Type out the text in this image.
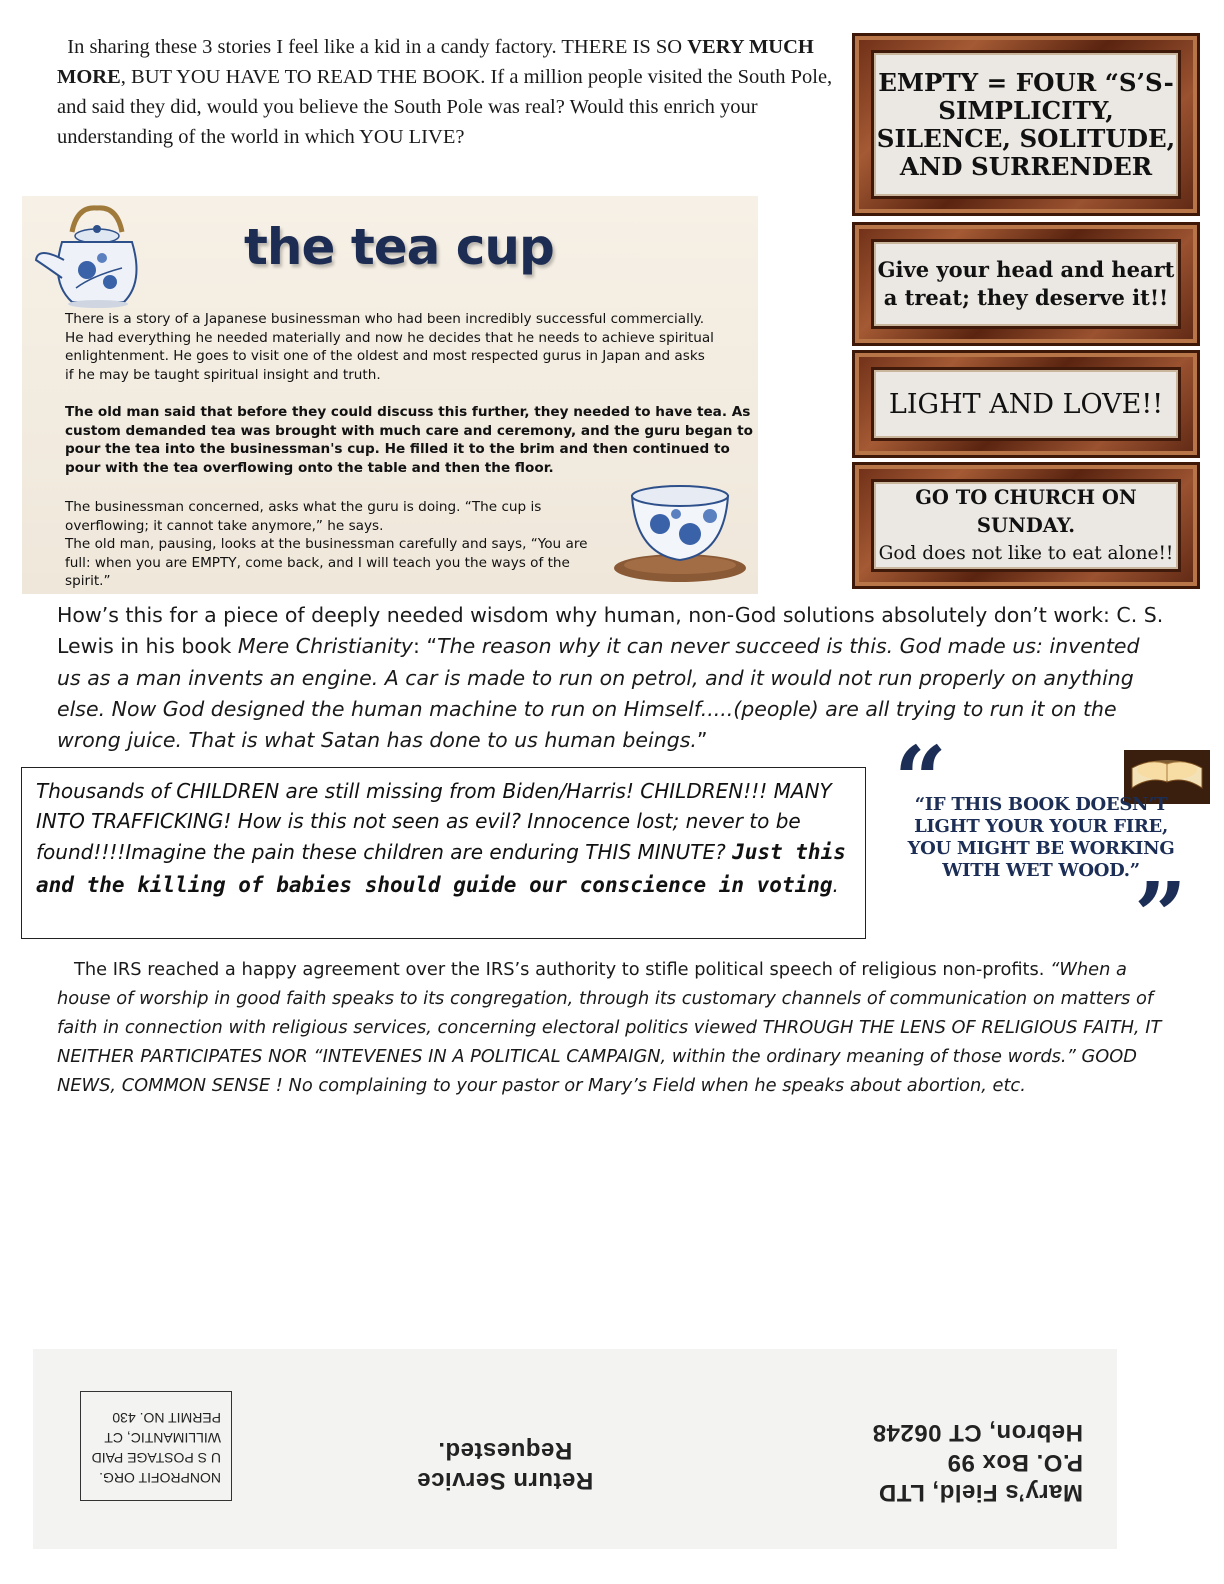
In sharing these 3 stories I feel like a kid in a candy factory. THERE IS SO VERY MUCH MORE, BUT YOU HAVE TO READ THE BOOK. If a million people visited the South Pole, and said they did, would you believe the South Pole was real? Would this enrich your understanding of the world in which YOU LIVE?
the tea cup
There is a story of a Japanese businessman who had been incredibly successful commercially. He had everything he needed materially and now he decides that he needs to achieve spiritual enlightenment. He goes to visit one of the oldest and most respected gurus in Japan and asks if he may be taught spiritual insight and truth.
The old man said that before they could discuss this further, they needed to have tea. As custom demanded tea was brought with much care and ceremony, and the guru began to pour the tea into the businessman's cup. He filled it to the brim and then continued to pour with the tea overflowing onto the table and then the floor.
The businessman concerned, asks what the guru is doing. “The cup is overflowing; it cannot take anymore,” he says.
The old man, pausing, looks at the businessman carefully and says, “You are full: when you are EMPTY, come back, and I will teach you the ways of the spirit.”
EMPTY = FOUR “S’S- SIMPLICITY, SILENCE, SOLITUDE, AND SURRENDER
Give your head and heart a treat; they deserve it!!
LIGHT AND LOVE!!
GO TO CHURCH ON SUNDAY.
God does not like to eat alone!!
How’s this for a piece of deeply needed wisdom why human, non-God solutions absolutely don’t work: C. S. Lewis in his book Mere Christianity: “The reason why it can never succeed is this. God made us: invented us as a man invents an engine. A car is made to run on petrol, and it would not run properly on anything else. Now God designed the human machine to run on Himself.....(people) are all trying to run it on the wrong juice. That is what Satan has done to us human beings.”
Thousands of CHILDREN are still missing from Biden/Harris! CHILDREN!!! MANY INTO TRAFFICKING! How is this not seen as evil? Innocence lost; never to be found!!!!Imagine the pain these children are enduring THIS MINUTE? Just this and the killing of babies should guide our conscience in voting.
“
“IF THIS BOOK DOESN’T LIGHT YOUR YOUR FIRE, YOU MIGHT BE WORKING WITH WET WOOD.”
”
The IRS reached a happy agreement over the IRS’s authority to stifle political speech of religious non-profits. “When a house of worship in good faith speaks to its congregation, through its customary channels of communication on matters of faith in connection with religious services, concerning electoral politics viewed THROUGH THE LENS OF RELIGIOUS FAITH, IT NEITHER PARTICIPATES NOR “INTEVENES IN A POLITICAL CAMPAIGN, within the ordinary meaning of those words.” GOOD NEWS, COMMON SENSE ! No complaining to your pastor or Mary’s Field when he speaks about abortion, etc.
NONPROFIT ORG.
U S POSTAGE PAID
WILLIMANTIC, CT
PERMIT NO. 430
Return Service
Requested.
Mary’s Field, LTD
P.O. Box 99
Hebron, CT 06248
